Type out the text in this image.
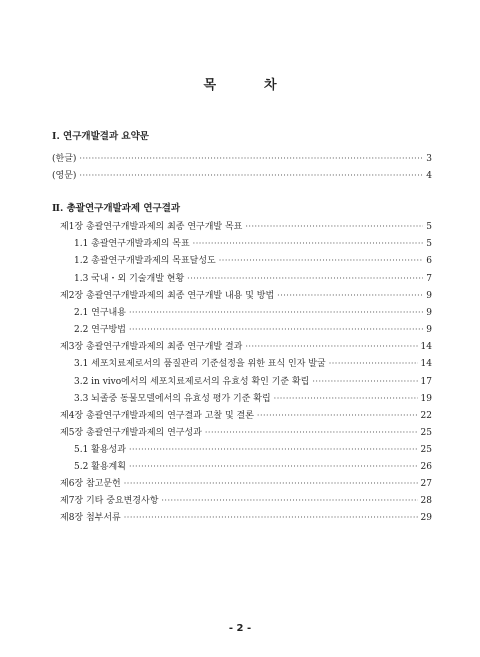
목	차
Ⅰ. 연구개발결과 요약문
(한글) ·····	3
(영문) ·····	4
Ⅱ. 총괄연구개발과제 연구결과
제1장 총괄연구개발과제의 최종 연구개발 목표 ·····	5
1.1 총괄연구개발과제의 목표 ·····	5
1.2 총괄연구개발과제의 목표달성도 ·····	6
1.3 국내・외 기술개발 현황 ·····	7
제2장 총괄연구개발과제의 최종 연구개발 내용 및 방법 ·····	9
2.1 연구내용 ·····	9
2.2 연구방법 ·····	9
제3장 총괄연구개발과제의 최종 연구개발 결과 ·····	14
3.1 세포치료제로서의 품질관리 기준설정을 위한 표식 인자 발굴 ·····	14
3.2 in vivo에서의 세포치료제로서의 유효성 확인 기준 확립 ·····	17
3.3 뇌졸중 동물모델에서의 유효성 평가 기준 확립 ·····	19
제4장 총괄연구개발과제의 연구결과 고찰 및 결론 ·····	22
제5장 총괄연구개발과제의 연구성과 ·····	25
5.1 활용성과 ·····	25
5.2 활용계획 ·····	26
제6장 참고문헌 ·····	27
제7장 기타 중요변경사항 ·····	28
제8장 첨부서류 ·····	29
- 2 -
